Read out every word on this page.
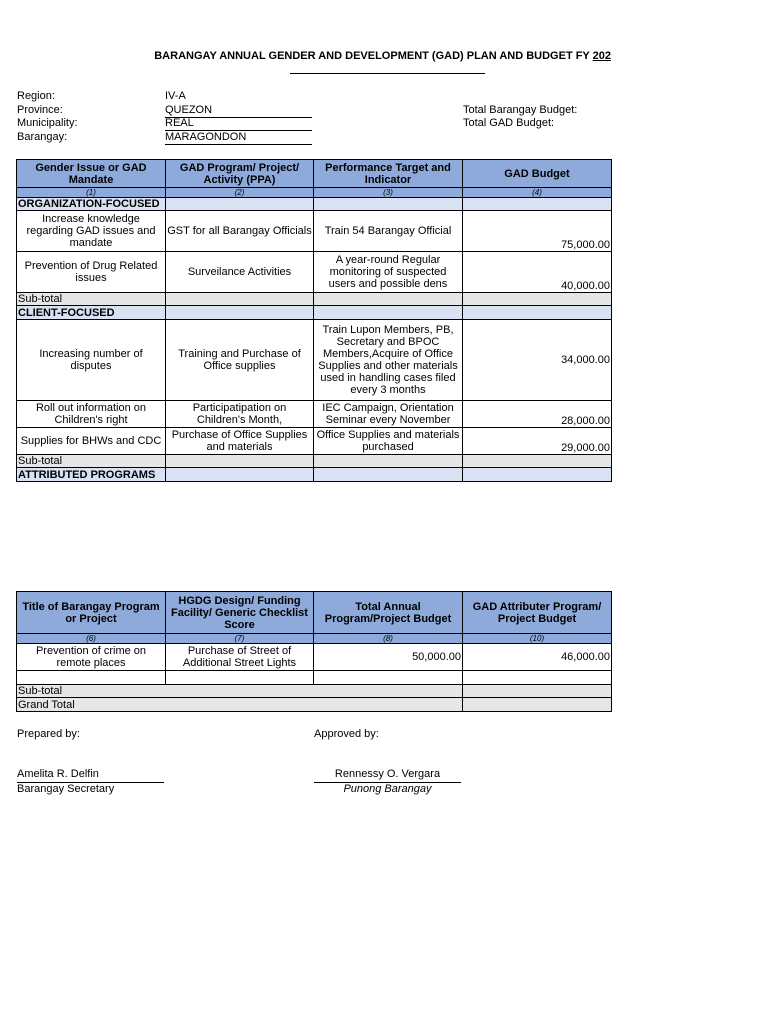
BARANGAY ANNUAL GENDER AND DEVELOPMENT (GAD) PLAN AND BUDGET FY 202
Region:	IV-A
Province:	QUEZON
Municipality:	REAL
Barangay:	MARAGONDON
Total Barangay Budget:
Total GAD Budget:
Gender Issue or GAD Mandate	GAD Program/ Project/ Activity (PPA)	Performance Target and Indicator	GAD Budget
(1)	(2)	(3)	(4)
ORGANIZATION-FOCUSED			
Increase knowledge regarding GAD issues and mandate	GST for all Barangay Officials	Train 54 Barangay Official	75,000.00
Prevention of Drug Related issues	Surveilance Activities	A year-round Regular monitoring of suspected users and possible dens	40,000.00
Sub-total			
CLIENT-FOCUSED			
Increasing number of disputes	Training and Purchase of Office supplies	Train Lupon Members, PB, Secretary and BPOC Members,Acquire of Office Supplies and other materials used in handling cases filed every 3 months	34,000.00
Roll out information on Children's right	Participatipation on Children's Month,	IEC Campaign, Orientation Seminar every November	28,000.00
Supplies for BHWs and CDC	Purchase of Office Supplies and materials	Office Supplies and materials purchased	29,000.00
Sub-total			
ATTRIBUTED PROGRAMS			
Title of Barangay Program or Project	HGDG Design/ Funding Facility/ Generic Checklist Score	Total Annual Program/Project Budget	GAD Attributer Program/ Project Budget
(6)	(7)	(8)	(10)
Prevention of crime on remote places	Purchase of Street of Additional Street Lights	50,000.00	46,000.00

Sub-total			
Grand Total			
Prepared by:	Approved by:
Amelita R. Delfin
Barangay Secretary
Rennessy O. Vergara
Punong Barangay
